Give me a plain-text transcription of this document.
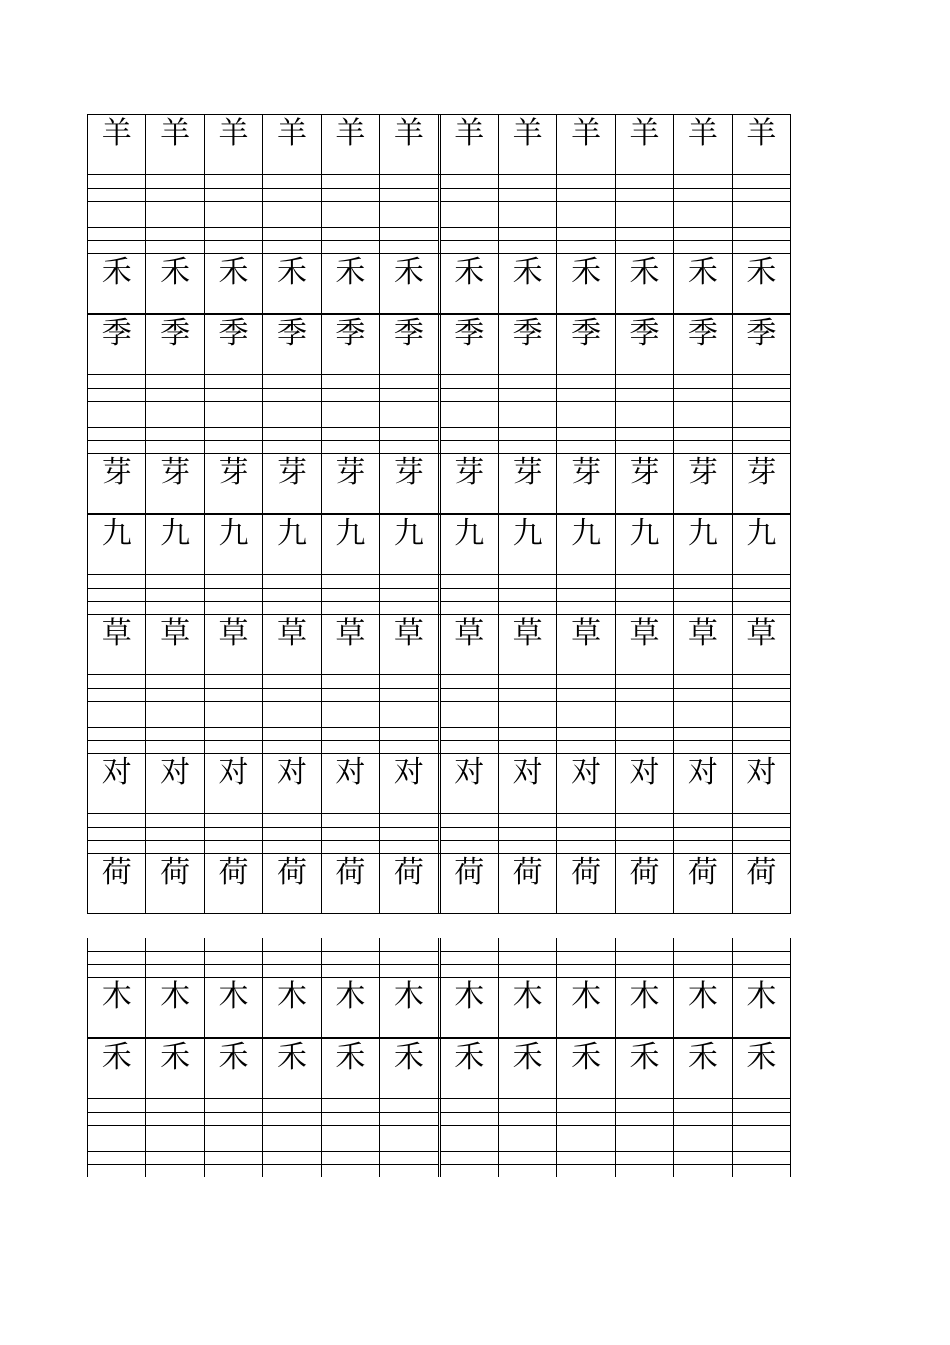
羊 羊 羊 羊 羊 羊	羊 羊 羊 羊 羊 羊
禾 禾 禾 禾 禾 禾	禾 禾 禾 禾 禾 禾
季 季 季 季 季 季	季 季 季 季 季 季
芽 芽 芽 芽 芽 芽	芽 芽 芽 芽 芽 芽
九 九 九 九 九 九	九 九 九 九 九 九
草 草 草 草 草 草	草 草 草 草 草 草
对 对 对 对 对 对	对 对 对 对 对 对
荷 荷 荷 荷 荷 荷	荷 荷 荷 荷 荷 荷
木 木 木 木 木 木	木 木 木 木 木 木
禾 禾 禾 禾 禾 禾	禾 禾 禾 禾 禾 禾
